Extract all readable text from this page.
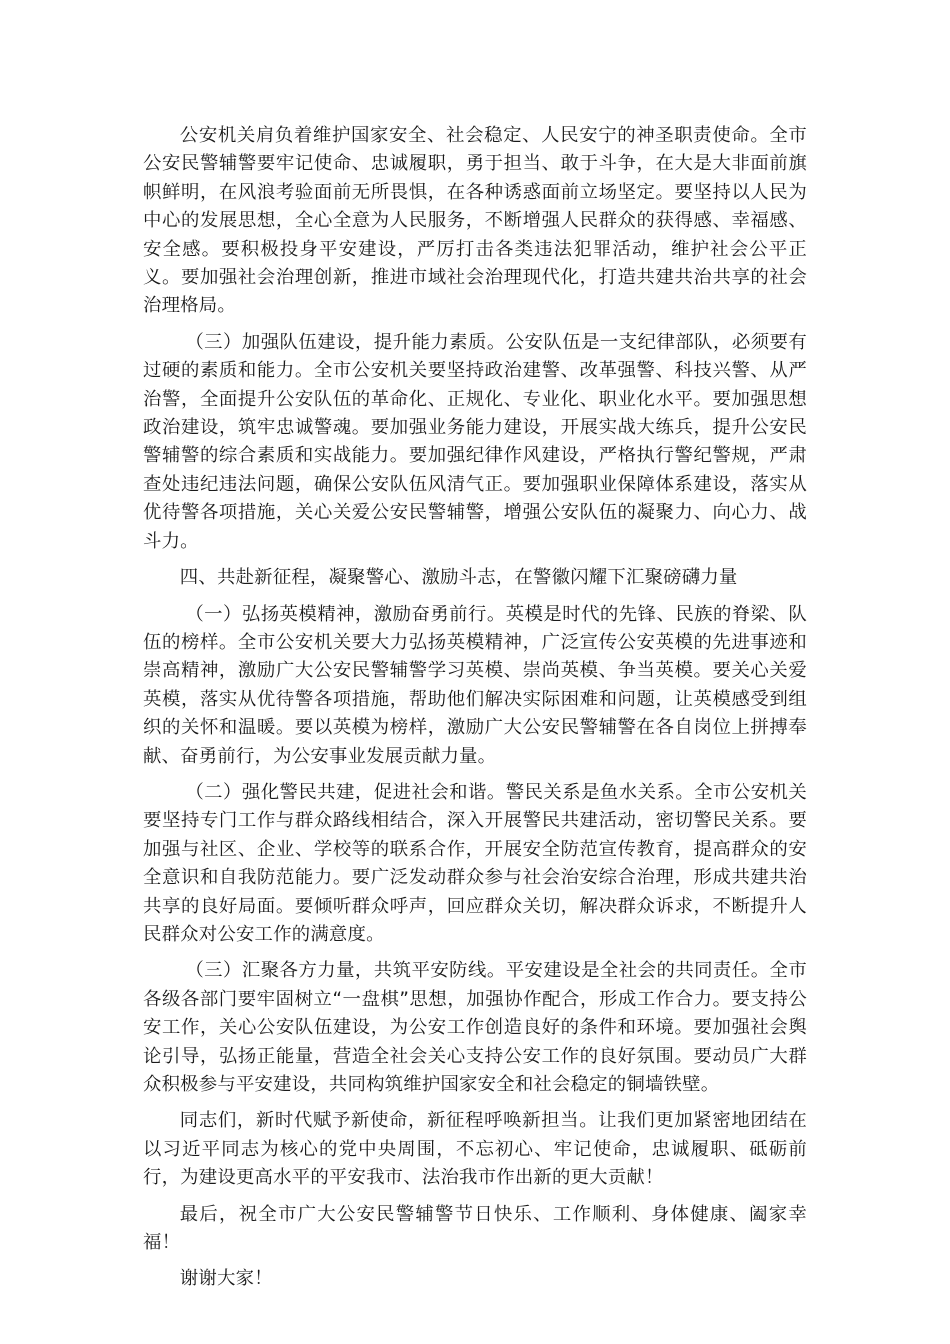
公安机关肩负着维护国家安全、社会稳定、人民安宁的神圣职责使命。全市公安民警辅警要牢记使命、忠诚履职，勇于担当、敢于斗争，在大是大非面前旗帜鲜明，在风浪考验面前无所畏惧，在各种诱惑面前立场坚定。要坚持以人民为中心的发展思想，全心全意为人民服务，不断增强人民群众的获得感、幸福感、安全感。要积极投身平安建设，严厉打击各类违法犯罪活动，维护社会公平正义。要加强社会治理创新，推进市域社会治理现代化，打造共建共治共享的社会治理格局。

（三）加强队伍建设，提升能力素质。公安队伍是一支纪律部队，必须要有过硬的素质和能力。全市公安机关要坚持政治建警、改革强警、科技兴警、从严治警，全面提升公安队伍的革命化、正规化、专业化、职业化水平。要加强思想政治建设，筑牢忠诚警魂。要加强业务能力建设，开展实战大练兵，提升公安民警辅警的综合素质和实战能力。要加强纪律作风建设，严格执行警纪警规，严肃查处违纪违法问题，确保公安队伍风清气正。要加强职业保障体系建设，落实从优待警各项措施，关心关爱公安民警辅警，增强公安队伍的凝聚力、向心力、战斗力。

四、共赴新征程，凝聚警心、激励斗志，在警徽闪耀下汇聚磅礴力量

（一）弘扬英模精神，激励奋勇前行。英模是时代的先锋、民族的脊梁、队伍的榜样。全市公安机关要大力弘扬英模精神，广泛宣传公安英模的先进事迹和崇高精神，激励广大公安民警辅警学习英模、崇尚英模、争当英模。要关心关爱英模，落实从优待警各项措施，帮助他们解决实际困难和问题，让英模感受到组织的关怀和温暖。要以英模为榜样，激励广大公安民警辅警在各自岗位上拼搏奉献、奋勇前行，为公安事业发展贡献力量。

（二）强化警民共建，促进社会和谐。警民关系是鱼水关系。全市公安机关要坚持专门工作与群众路线相结合，深入开展警民共建活动，密切警民关系。要加强与社区、企业、学校等的联系合作，开展安全防范宣传教育，提高群众的安全意识和自我防范能力。要广泛发动群众参与社会治安综合治理，形成共建共治共享的良好局面。要倾听群众呼声，回应群众关切，解决群众诉求，不断提升人民群众对公安工作的满意度。

（三）汇聚各方力量，共筑平安防线。平安建设是全社会的共同责任。全市各级各部门要牢固树立“一盘棋”思想，加强协作配合，形成工作合力。要支持公安工作，关心公安队伍建设，为公安工作创造良好的条件和环境。要加强社会舆论引导，弘扬正能量，营造全社会关心支持公安工作的良好氛围。要动员广大群众积极参与平安建设，共同构筑维护国家安全和社会稳定的铜墙铁壁。

同志们，新时代赋予新使命，新征程呼唤新担当。让我们更加紧密地团结在以习近平同志为核心的党中央周围，不忘初心、牢记使命，忠诚履职、砥砺前行，为建设更高水平的平安我市、法治我市作出新的更大贡献！

最后，祝全市广大公安民警辅警节日快乐、工作顺利、身体健康、阖家幸福！

谢谢大家！
